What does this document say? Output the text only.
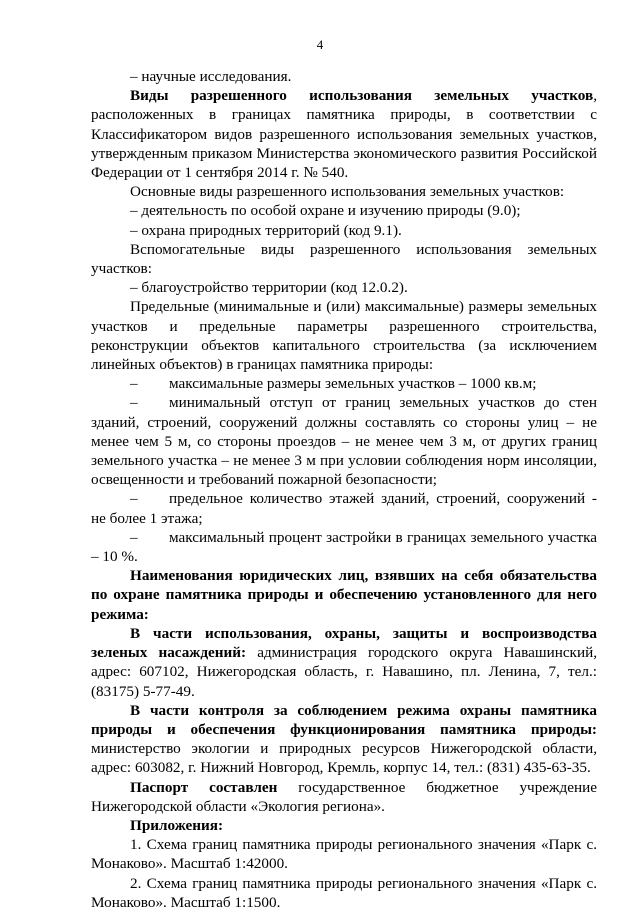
4

– научные исследования.

Виды разрешенного использования земельных участков, расположенных в границах памятника природы, в соответствии с Классификатором видов разрешенного использования земельных участков, утвержденным приказом Министерства экономического развития Российской Федерации от 1 сентября 2014 г. № 540.

Основные виды разрешенного использования земельных участков:

– деятельность по особой охране и изучению природы (9.0);

– охрана природных территорий (код 9.1).

Вспомогательные виды разрешенного использования земельных участков:

– благоустройство территории (код 12.0.2).

Предельные (минимальные и (или) максимальные) размеры земельных участков и предельные параметры разрешенного строительства, реконструкции объектов капитального строительства (за исключением линейных объектов) в границах памятника природы:

– максимальные размеры земельных участков – 1000 кв.м;

– минимальный отступ от границ земельных участков до стен зданий, строений, сооружений должны составлять со стороны улиц – не менее чем 5 м, со стороны проездов – не менее чем 3 м, от других границ земельного участка – не менее 3 м при условии соблюдения норм инсоляции, освещенности и требований пожарной безопасности;

– предельное количество этажей зданий, строений, сооружений - не более 1 этажа;

– максимальный процент застройки в границах земельного участка – 10 %.

Наименования юридических лиц, взявших на себя обязательства по охране памятника природы и обеспечению установленного для него режима:

В части использования, охраны, защиты и воспроизводства зеленых насаждений: администрация городского округа Навашинский, адрес: 607102, Нижегородская область, г. Навашино, пл. Ленина, 7, тел.: (83175) 5-77-49.

В части контроля за соблюдением режима охраны памятника природы и обеспечения функционирования памятника природы: министерство экологии и природных ресурсов Нижегородской области, адрес: 603082, г. Нижний Новгород, Кремль, корпус 14, тел.: (831) 435-63-35.

Паспорт составлен государственное бюджетное учреждение Нижегородской области «Экология региона».

Приложения:

1. Схема границ памятника природы регионального значения «Парк с. Монаково». Масштаб 1:42000.

2. Схема границ памятника природы регионального значения «Парк с. Монаково». Масштаб 1:1500.
